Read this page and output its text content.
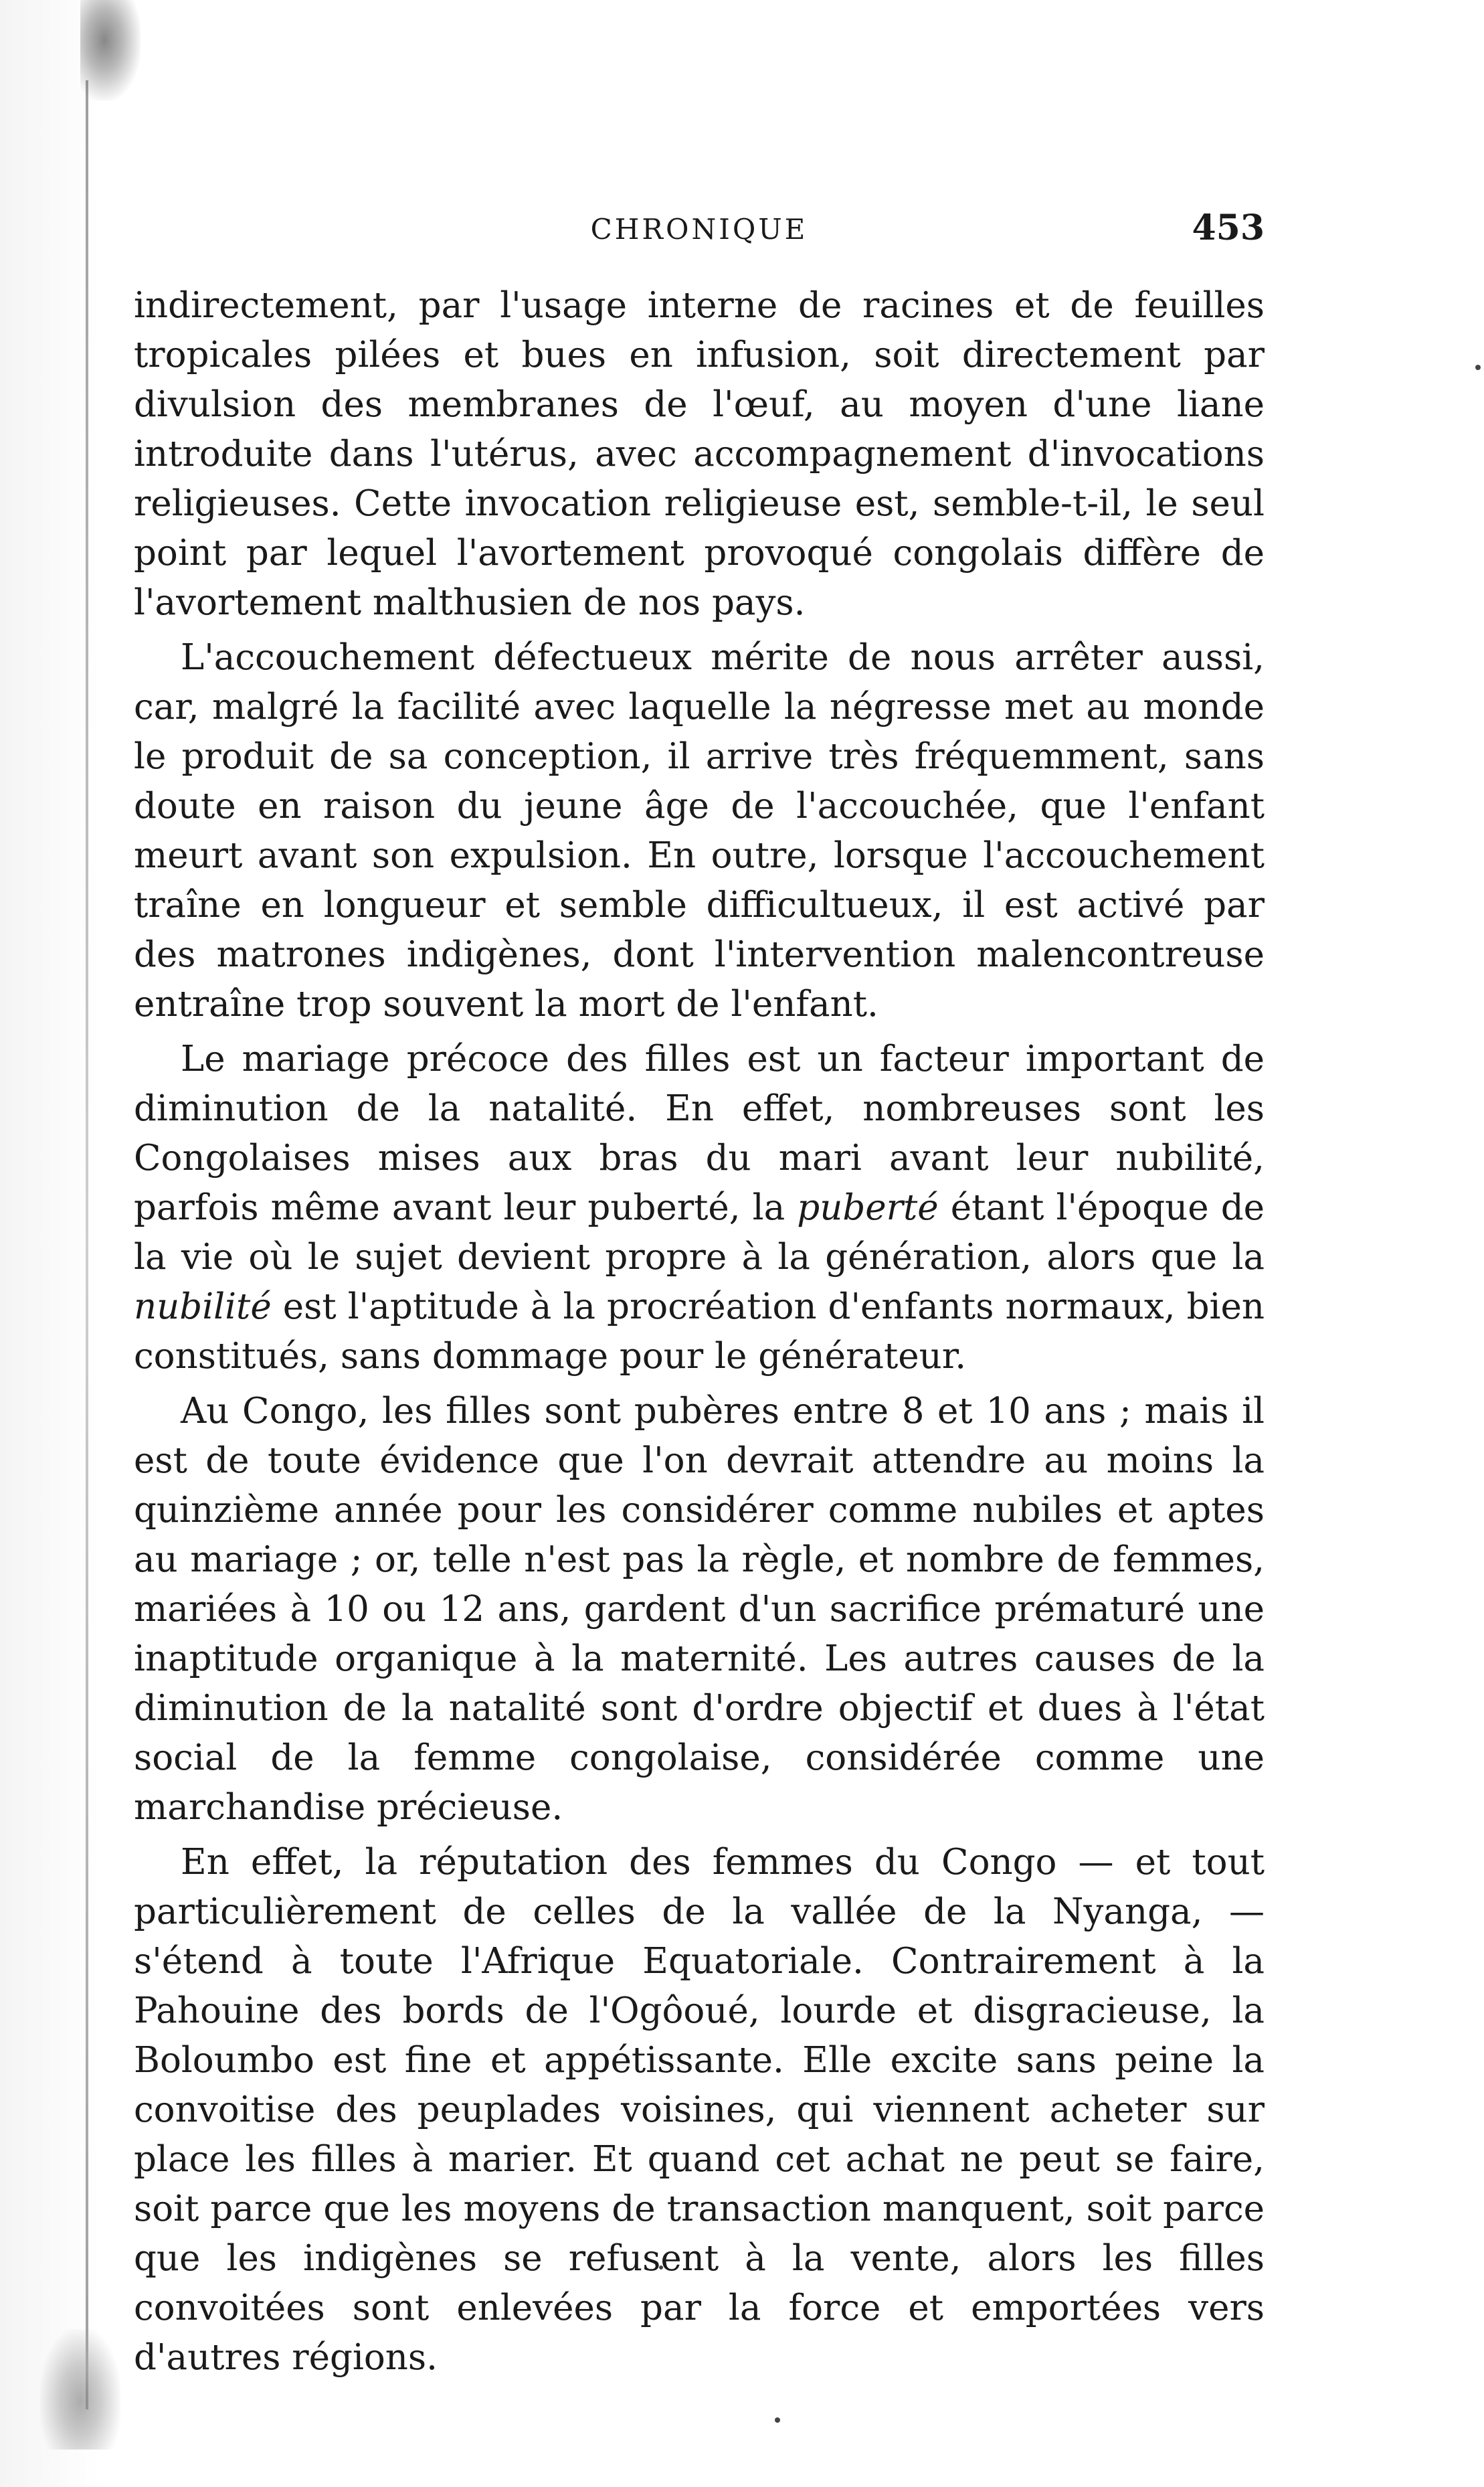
CHRONIQUE	453

indirectement, par l'usage interne de racines et de feuilles tropicales pilées et bues en infusion, soit directement par divulsion des membranes de l'œuf, au moyen d'une liane introduite dans l'utérus, avec accompagnement d'invocations religieuses. Cette invocation religieuse est, semble-t-il, le seul point par lequel l'avortement provoqué congolais diffère de l'avortement malthusien de nos pays.

L'accouchement défectueux mérite de nous arrêter aussi, car, malgré la facilité avec laquelle la négresse met au monde le produit de sa conception, il arrive très fréquemment, sans doute en raison du jeune âge de l'accouchée, que l'enfant meurt avant son expulsion. En outre, lorsque l'accouchement traîne en longueur et semble difficultueux, il est activé par des matrones indigènes, dont l'intervention malencontreuse entraîne trop souvent la mort de l'enfant.

Le mariage précoce des filles est un facteur important de diminution de la natalité. En effet, nombreuses sont les Congolaises mises aux bras du mari avant leur nubilité, parfois même avant leur puberté, la puberté étant l'époque de la vie où le sujet devient propre à la génération, alors que la nubilité est l'aptitude à la procréation d'enfants normaux, bien constitués, sans dommage pour le générateur.

Au Congo, les filles sont pubères entre 8 et 10 ans ; mais il est de toute évidence que l'on devrait attendre au moins la quinzième année pour les considérer comme nubiles et aptes au mariage ; or, telle n'est pas la règle, et nombre de femmes, mariées à 10 ou 12 ans, gardent d'un sacrifice prématuré une inaptitude organique à la maternité. Les autres causes de la diminution de la natalité sont d'ordre objectif et dues à l'état social de la femme congolaise, considérée comme une marchandise précieuse.

En effet, la réputation des femmes du Congo — et tout particulièrement de celles de la vallée de la Nyanga, — s'étend à toute l'Afrique Equatoriale. Contrairement à la Pahouine des bords de l'Ogôoué, lourde et disgracieuse, la Boloumbo est fine et appétissante. Elle excite sans peine la convoitise des peuplades voisines, qui viennent acheter sur place les filles à marier. Et quand cet achat ne peut se faire, soit parce que les moyens de transaction manquent, soit parce que les indigènes se refusent à la vente, alors les filles convoitées sont enlevées par la force et emportées vers d'autres régions.
